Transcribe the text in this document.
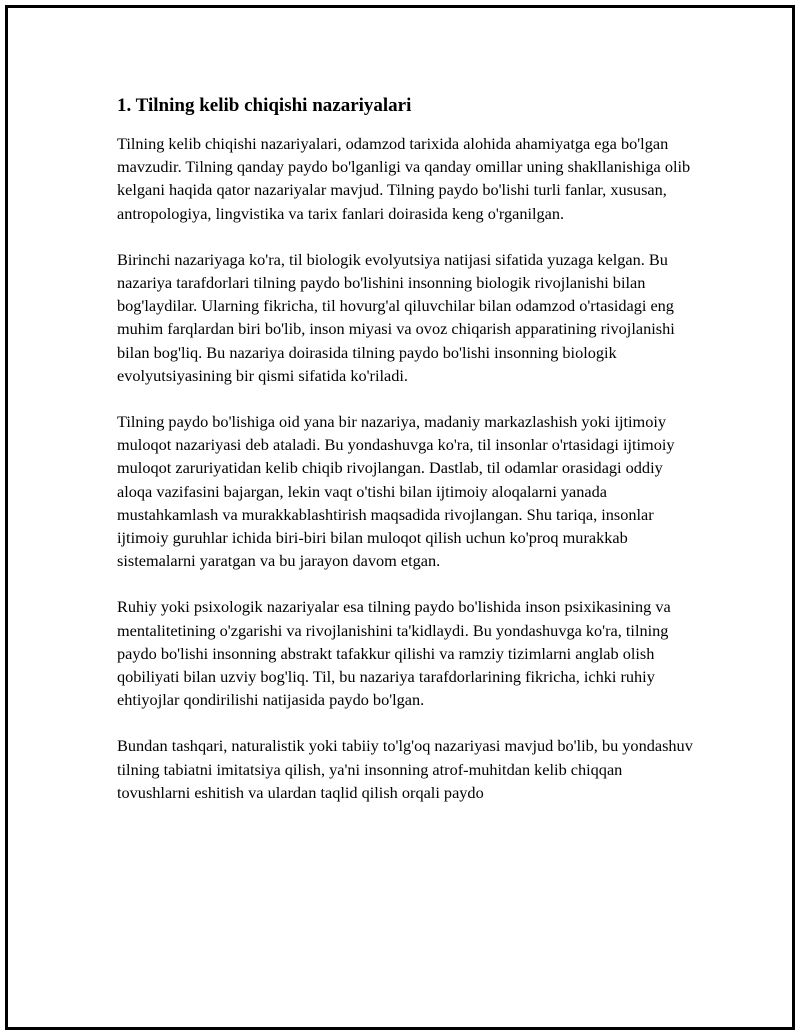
1. Tilning kelib chiqishi nazariyalari

Tilning kelib chiqishi nazariyalari, odamzod tarixida alohida ahamiyatga ega bo'lgan mavzudir. Tilning qanday paydo bo'lganligi va qanday omillar uning shakllanishiga olib kelgani haqida qator nazariyalar mavjud. Tilning paydo bo'lishi turli fanlar, xususan, antropologiya, lingvistika va tarix fanlari doirasida keng o'rganilgan.

Birinchi nazariyaga ko'ra, til biologik evolyutsiya natijasi sifatida yuzaga kelgan. Bu nazariya tarafdorlari tilning paydo bo'lishini insonning biologik rivojlanishi bilan bog'laydilar. Ularning fikricha, til hovurg'al qiluvchilar bilan odamzod o'rtasidagi eng muhim farqlardan biri bo'lib, inson miyasi va ovoz chiqarish apparatining rivojlanishi bilan bog'liq. Bu nazariya doirasida tilning paydo bo'lishi insonning biologik evolyutsiyasining bir qismi sifatida ko'riladi.

Tilning paydo bo'lishiga oid yana bir nazariya, madaniy markazlashish yoki ijtimoiy muloqot nazariyasi deb ataladi. Bu yondashuvga ko'ra, til insonlar o'rtasidagi ijtimoiy muloqot zaruriyatidan kelib chiqib rivojlangan. Dastlab, til odamlar orasidagi oddiy aloqa vazifasini bajargan, lekin vaqt o'tishi bilan ijtimoiy aloqalarni yanada mustahkamlash va murakkablashtirish maqsadida rivojlangan. Shu tariqa, insonlar ijtimoiy guruhlar ichida biri-biri bilan muloqot qilish uchun ko'proq murakkab sistemalarni yaratgan va bu jarayon davom etgan.

Ruhiy yoki psixologik nazariyalar esa tilning paydo bo'lishida inson psixikasining va mentalitetining o'zgarishi va rivojlanishini ta'kidlaydi. Bu yondashuvga ko'ra, tilning paydo bo'lishi insonning abstrakt tafakkur qilishi va ramziy tizimlarni anglab olish qobiliyati bilan uzviy bog'liq. Til, bu nazariya tarafdorlarining fikricha, ichki ruhiy ehtiyojlar qondirilishi natijasida paydo bo'lgan.

Bundan tashqari, naturalistik yoki tabiiy to'lg'oq nazariyasi mavjud bo'lib, bu yondashuv tilning tabiatni imitatsiya qilish, ya'ni insonning atrof-muhitdan kelib chiqqan tovushlarni eshitish va ulardan taqlid qilish orqali paydo
